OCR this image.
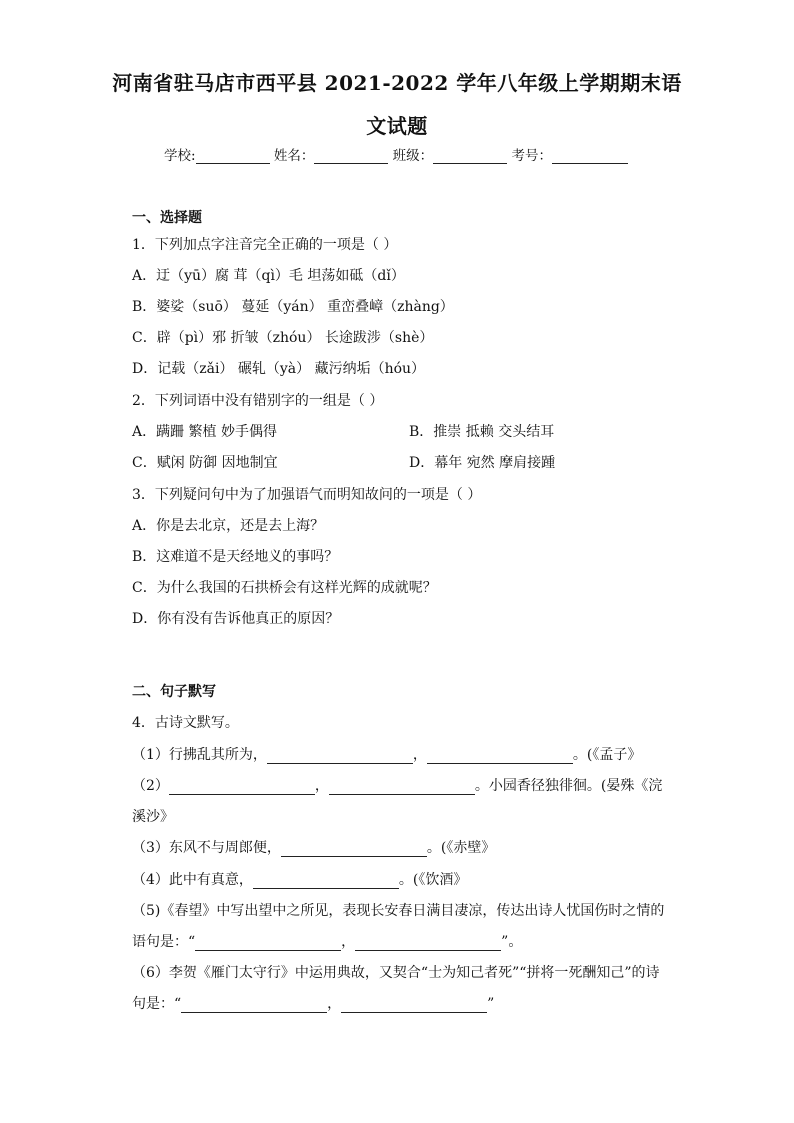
河南省驻马店市西平县 2021-2022 学年八年级上学期期末语
文试题
学校:	姓名：	班级：	考号：
一、选择题
1．下列加点字注音完全正确的一项是（ ）
A．迂（yū）腐 茸（qì）毛 坦荡如砥（dǐ）
B．婆娑（suō） 蔓延（yán） 重峦叠嶂（zhàng）
C．辟（pì）邪 折皱（zhóu） 长途跋涉（shè）
D．记载（zǎi） 碾轧（yà） 藏污纳垢（hóu）
2．下列词语中没有错别字的一组是（ ）
A．蹒跚 繁植 妙手偶得	B．推崇 抵赖 交头结耳
C．赋闲 防御 因地制宜	D．幕年 宛然 摩肩接踵
3．下列疑问句中为了加强语气而明知故问的一项是（ ）
A．你是去北京，还是去上海？
B．这难道不是天经地义的事吗？
C．为什么我国的石拱桥会有这样光辉的成就呢？
D．你有没有告诉他真正的原因？
二、句子默写
4．古诗文默写。
（1）行拂乱其所为，	，	。(《孟子》
（2）	，	。小园香径独徘徊。(晏殊《浣
溪沙》
（3）东风不与周郎便，	。(《赤壁》
（4）此中有真意，	。(《饮酒》
（5)《春望》中写出望中之所见，表现长安春日满目凄凉，传达出诗人忧国伤时之情的
语句是：“	，	”。
（6）李贺《雁门太守行》中运用典故，又契合“士为知己者死”“拼将一死酬知己”的诗
句是：“	，	”
